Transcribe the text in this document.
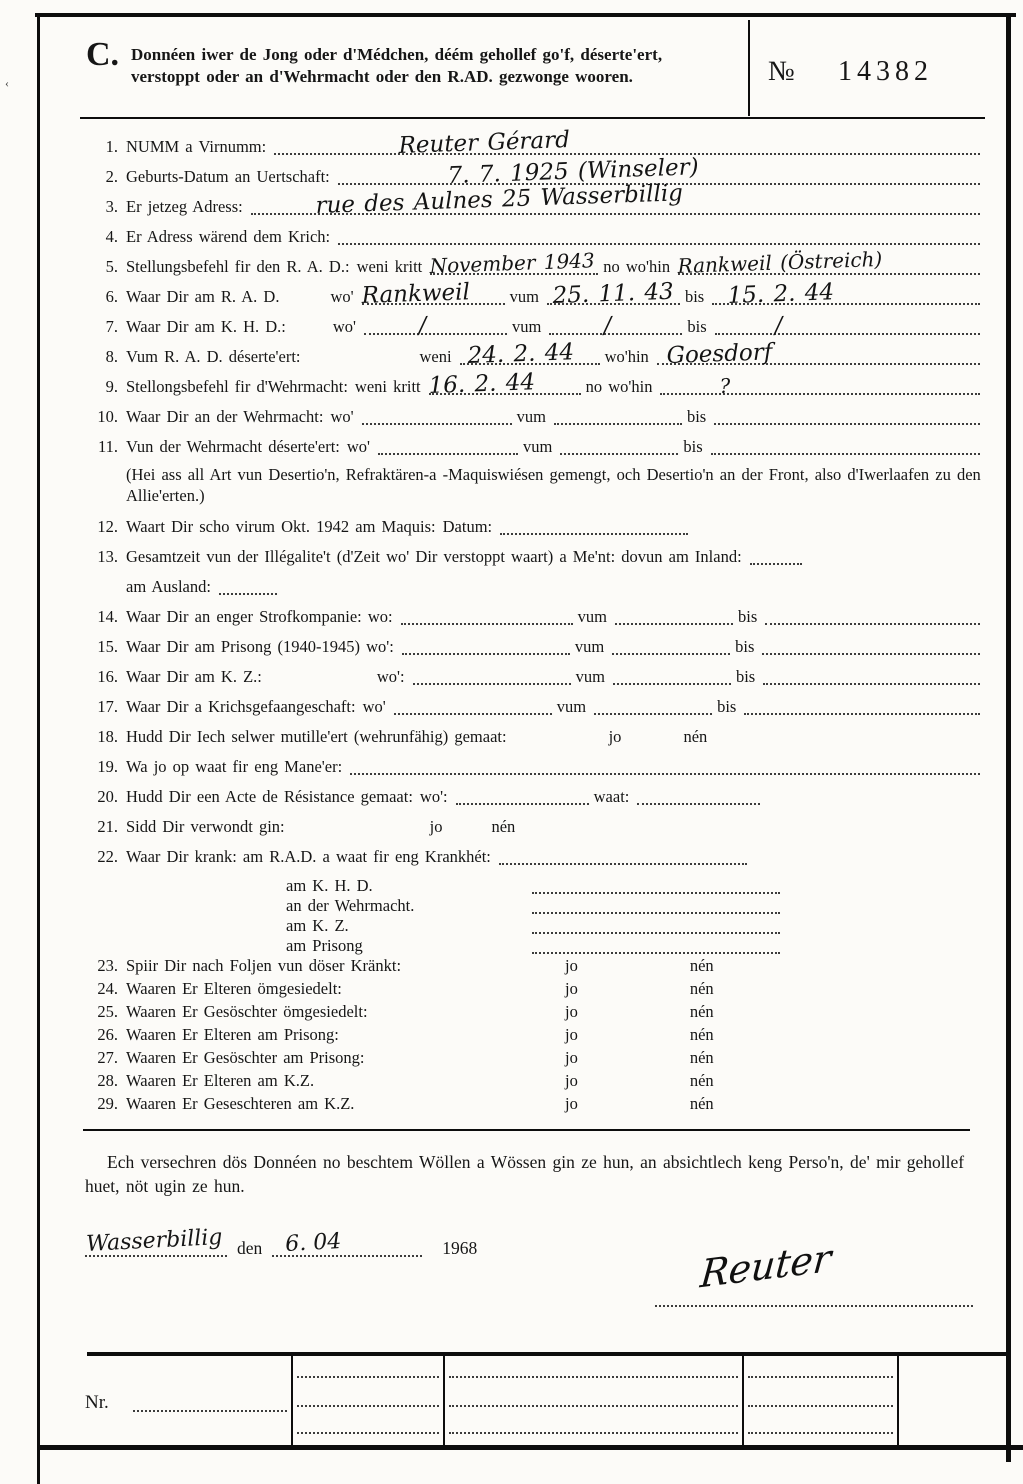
‹
C. Donnéen iwer de Jong oder d'Médchen, déém gehollef go'f, déserte'ert, verstoppt oder an d'Wehrmacht oder den R.AD. gezwonge wooren.	№ 14382
1. NUMM a Virnumm:	Reuter Gérard
2. Geburts-Datum an Uertschaft:	7. 7. 1925 (Winseler)
3. Er jetzeg Adress:	rue des Aulnes 25 Wasserbillig
4. Er Adress wärend dem Krich:
5. Stellungsbefehl fir den R. A. D.: weni kritt November 1943 no wo'hin Rankweil (Östreich)
6. Waar Dir am R. A. D.	wo' Rankweil vum 25. 11. 43 bis	15. 2. 44
7. Waar Dir am K. H. D.:	wo'	∕	vum	∕	bis	∕
8. Vum R. A. D. déserte'ert:	weni 24. 2. 44 wo'hin Goesdorf
9. Stellongsbefehl fir d'Wehrmacht: weni kritt 16. 2. 44	no wo'hin	?
10. Waar Dir an der Wehrmacht: wo'	vum	bis
11. Vun der Wehrmacht déserte'ert: wo'	vum	bis
(Hei ass all Art vun Desertio'n, Refraktären-a -Maquiswiésen gemengt, och Desertio'n an der Front, also d'Iwerlaafen zu den Allie'erten.)
12. Waart Dir scho virum Okt. 1942 am Maquis: Datum:
13. Gesamtzeit vun der Illégalite't (d'Zeit wo' Dir verstoppt waart) a Me'nt: dovun am Inland:
am Ausland:
14. Waar Dir an enger Strofkompanie: wo:	vum	bis
15. Waar Dir am Prisong (1940-1945) wo':	vum	bis
16. Waar Dir am K. Z.:	wo':	vum	bis
17. Waar Dir a Krichsgefaangeschaft: wo'	vum	bis
18. Hudd Dir Iech selwer mutille'ert (wehrunfähig) gemaat:	jo	nén
19. Wa jo op waat fir eng Mane'er:
20. Hudd Dir een Acte de Résistance gemaat: wo':	waat:
21. Sidd Dir verwondt gin:	jo	nén
22. Waar Dir krank: am R.A.D. a waat fir eng Krankhét:
am K. H. D.
an der Wehrmacht.
am K. Z.
am Prisong
23. Spiir Dir nach Foljen vun döser Kränkt:	jo	nén
24. Waaren Er Elteren ömgesiedelt:	jo	nén
25. Waaren Er Gesöschter ömgesiedelt:	jo	nén
26. Waaren Er Elteren am Prisong:	jo	nén
27. Waaren Er Gesöschter am Prisong:	jo	nén
28. Waaren Er Elteren am K.Z.	jo	nén
29. Waaren Er Geseschteren am K.Z.	jo	nén

Ech versechren dös Donnéen no beschtem Wöllen a Wössen gin ze hun, an absichtlech keng Perso'n, de' mir gehollef huet, nöt ugin ze hun.

Wasserbillig den 6. 04	1968	Reuter
Nr.
